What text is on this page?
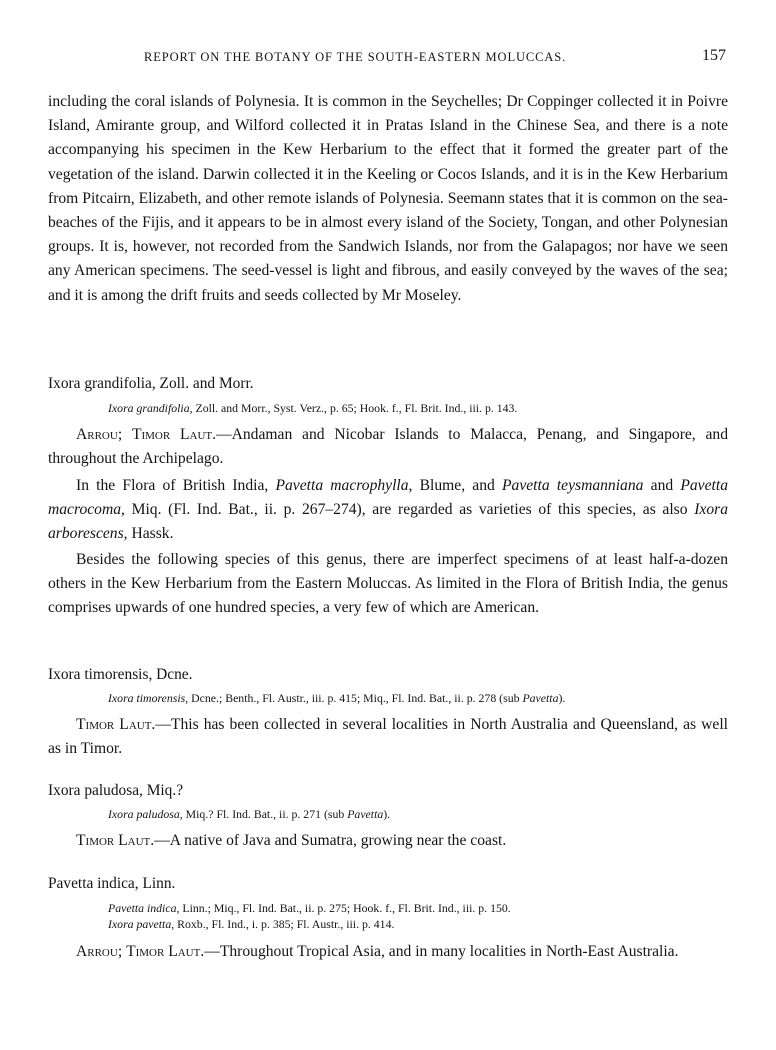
REPORT ON THE BOTANY OF THE SOUTH-EASTERN MOLUCCAS.	157

including the coral islands of Polynesia. It is common in the Seychelles; Dr Coppinger collected it in Poivre Island, Amirante group, and Wilford collected it in Pratas Island in the Chinese Sea, and there is a note accompanying his specimen in the Kew Herbarium to the effect that it formed the greater part of the vegetation of the island. Darwin collected it in the Keeling or Cocos Islands, and it is in the Kew Herbarium from Pitcairn, Elizabeth, and other remote islands of Polynesia. Seemann states that it is common on the sea-beaches of the Fijis, and it appears to be in almost every island of the Society, Tongan, and other Polynesian groups. It is, however, not recorded from the Sandwich Islands, nor from the Galapagos; nor have we seen any American specimens. The seed-vessel is light and fibrous, and easily conveyed by the waves of the sea; and it is among the drift fruits and seeds collected by Mr Moseley.

Ixora grandifolia, Zoll. and Morr.

Ixora grandifolia, Zoll. and Morr., Syst. Verz., p. 65; Hook. f., Fl. Brit. Ind., iii. p. 143.

Arrou; Timor Laut.—Andaman and Nicobar Islands to Malacca, Penang, and Singapore, and throughout the Archipelago.

In the Flora of British India, Pavetta macrophylla, Blume, and Pavetta teysmanniana and Pavetta macrocoma, Miq. (Fl. Ind. Bat., ii. p. 267–274), are regarded as varieties of this species, as also Ixora arborescens, Hassk.

Besides the following species of this genus, there are imperfect specimens of at least half-a-dozen others in the Kew Herbarium from the Eastern Moluccas. As limited in the Flora of British India, the genus comprises upwards of one hundred species, a very few of which are American.

Ixora timorensis, Dcne.

Ixora timorensis, Dcne.; Benth., Fl. Austr., iii. p. 415; Miq., Fl. Ind. Bat., ii. p. 278 (sub Pavetta).

Timor Laut.—This has been collected in several localities in North Australia and Queensland, as well as in Timor.

Ixora paludosa, Miq.?

Ixora paludosa, Miq.? Fl. Ind. Bat., ii. p. 271 (sub Pavetta).

Timor Laut.—A native of Java and Sumatra, growing near the coast.

Pavetta indica, Linn.

Pavetta indica, Linn.; Miq., Fl. Ind. Bat., ii. p. 275; Hook. f., Fl. Brit. Ind., iii. p. 150.

Ixora pavetta, Roxb., Fl. Ind., i. p. 385; Fl. Austr., iii. p. 414.

Arrou; Timor Laut.—Throughout Tropical Asia, and in many localities in North-East Australia.
